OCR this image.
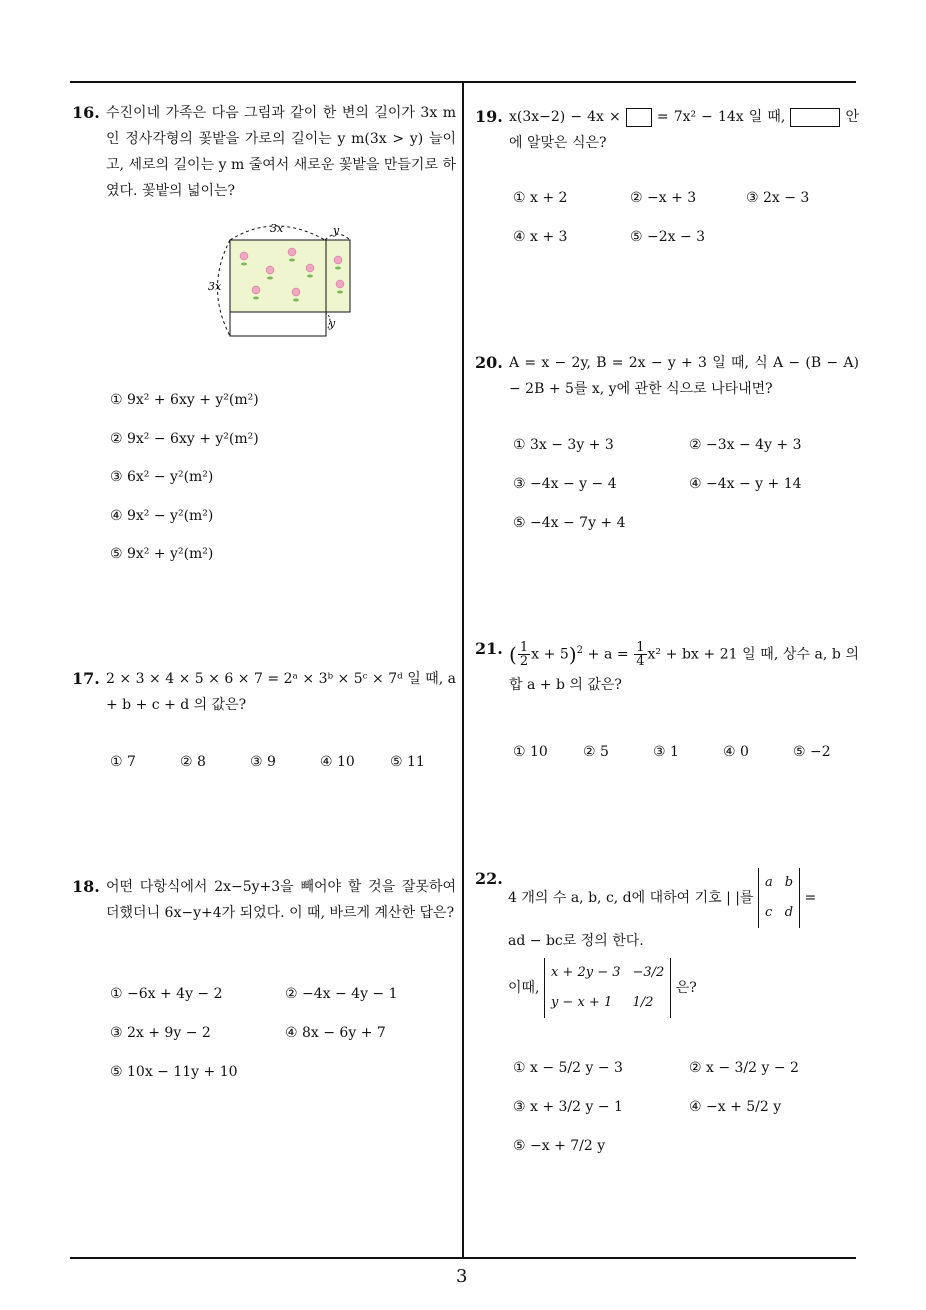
16. 수진이네 가족은 다음 그림과 같이 한 변의 길이가 3x m 인 정사각형의 꽃밭을 가로의 길이는 y m(3x > y) 늘이고, 세로의 길이는 y m 줄여서 새로운 꽃밭을 만들기로 하였다. 꽃밭의 넓이는?
3x	y
3x
y
① 9x² + 6xy + y²(m²)
② 9x² − 6xy + y²(m²)
③ 6x² − y²(m²)
④ 9x² − y²(m²)
⑤ 9x² + y²(m²)
17. 2 × 3 × 4 × 5 × 6 × 7 = 2ᵃ × 3ᵇ × 5ᶜ × 7ᵈ 일 때, a + b + c + d 의 값은?
① 7	② 8	③ 9	④ 10	⑤ 11
18. 어떤 다항식에서 2x−5y+3을 빼어야 할 것을 잘못하여 더했더니 6x−y+4가 되었다. 이 때, 바르게 계산한 답은?
① −6x + 4y − 2	② −4x − 4y − 1
③ 2x + 9y − 2	④ 8x − 6y + 7
⑤ 10x − 11y + 10
19. x(3x−2) − 4x ×	= 7x² − 14x 일 때,	안에 알맞은 식은?
① x + 2	② −x + 3	③ 2x − 3
④ x + 3	⑤ −2x − 3
20. A = x − 2y, B = 2x − y + 3 일 때, 식 A − (B − A) − 2B + 5를 x, y에 관한 식으로 나타내면?
① 3x − 3y + 3	② −3x − 4y + 3
③ −4x − y − 4	④ −4x − y + 14
⑤ −4x − 7y + 4
21. ( $\frac{1}{2}$ $x + 5)^2 + a = \frac{1}{4} x^2$ + bx + 21 일 때, 상수 a, b 의 합 a + b 의 값은?
① 10	② 5	③ 1	④ 0	⑤ −2
22.
4 개의 수 a, b, c, d에 대하여 기호 | |를 a	b
c	d =
ad − bc로 정의 한다.
이때, x + 2y − 3	−3/2
y − x + 1	1/2 은?
① x − 5/2 y − 3	② x − 3/2 y − 2
③ x + 3/2 y − 1	④ −x + 5/2 y
⑤ −x + 7/2 y
3
